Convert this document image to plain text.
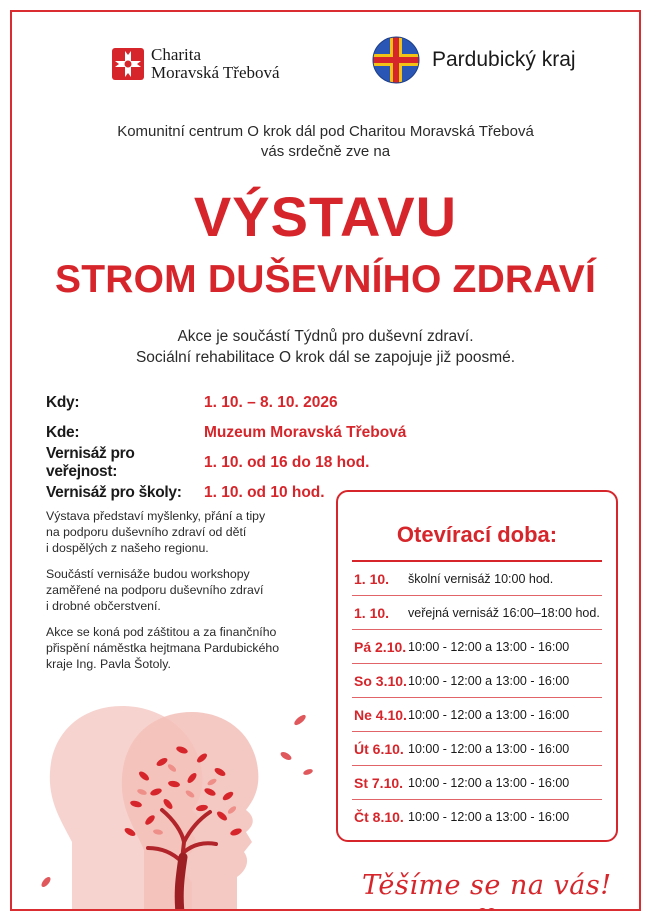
Charita
Moravská Třebová
Pardubický kraj
Komunitní centrum O krok dál pod Charitou Moravská Třebová
vás srdečně zve na
VÝSTAVU
STROM DUŠEVNÍHO ZDRAVÍ
Akce je součástí Týdnů pro duševní zdraví.
Sociální rehabilitace O krok dál se zapojuje již poosmé.
Kdy:	1. 10. – 8. 10. 2026
Kde:	Muzeum Moravská Třebová
Vernisáž pro veřejnost:
1. 10. od 16 do 18 hod.
Vernisáž pro školy:	1. 10. od 10 hod.

Výstava představí myšlenky, přání a tipy
na podporu duševního zdraví od dětí
i dospělých z našeho regionu.

Součástí vernisáže budou workshopy
zaměřené na podporu duševního zdraví
i drobné občerstvení.

Akce se koná pod záštitou a za finančního
přispění náměstka hejtmana Pardubického
kraje Ing. Pavla Šotoly.

Otevírací doba:
1. 10.	školní vernisáž 10:00 hod.
1. 10.	veřejná vernisáž 16:00–18:00 hod.
Pá 2.10. 10:00 - 12:00 a 13:00 - 16:00
So 3.10. 10:00 - 12:00 a 13:00 - 16:00
Ne 4.10. 10:00 - 12:00 a 13:00 - 16:00
Út 6.10. 10:00 - 12:00 a 13:00 - 16:00
St 7.10. 10:00 - 12:00 a 13:00 - 16:00
Čt 8.10. 10:00 - 12:00 a 13:00 - 16:00
Těšíme se na vás!
